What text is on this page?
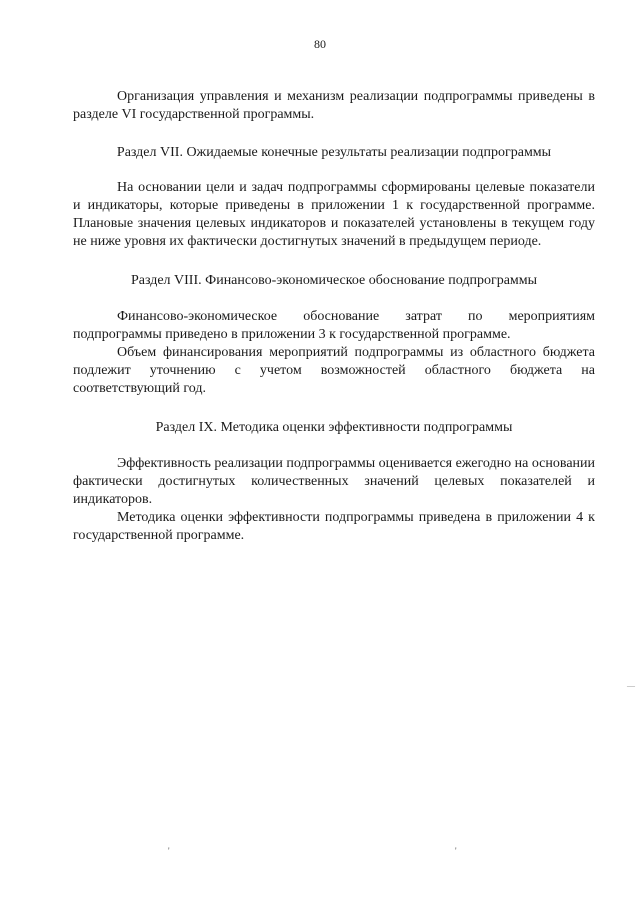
80

Организация управления и механизм реализации подпрограммы приведены в разделе VI государственной программы.

Раздел VII. Ожидаемые конечные результаты реализации подпрограммы

На основании цели и задач подпрограммы сформированы целевые показатели и индикаторы, которые приведены в приложении 1 к государственной программе. Плановые значения целевых индикаторов и показателей установлены в текущем году не ниже уровня их фактически достигнутых значений в предыдущем периоде.

Раздел VIII. Финансово-экономическое обоснование подпрограммы

Финансово-экономическое обоснование затрат по мероприятиям подпрограммы приведено в приложении 3 к государственной программе.

Объем финансирования мероприятий подпрограммы из областного бюджета подлежит уточнению с учетом возможностей областного бюджета на соответствующий год.

Раздел IX. Методика оценки эффективности подпрограммы

Эффективность реализации подпрограммы оценивается ежегодно на основании фактически достигнутых количественных значений целевых показателей и индикаторов.

Методика оценки эффективности подпрограммы приведена в приложении 4 к государственной программе.

'	'
—
